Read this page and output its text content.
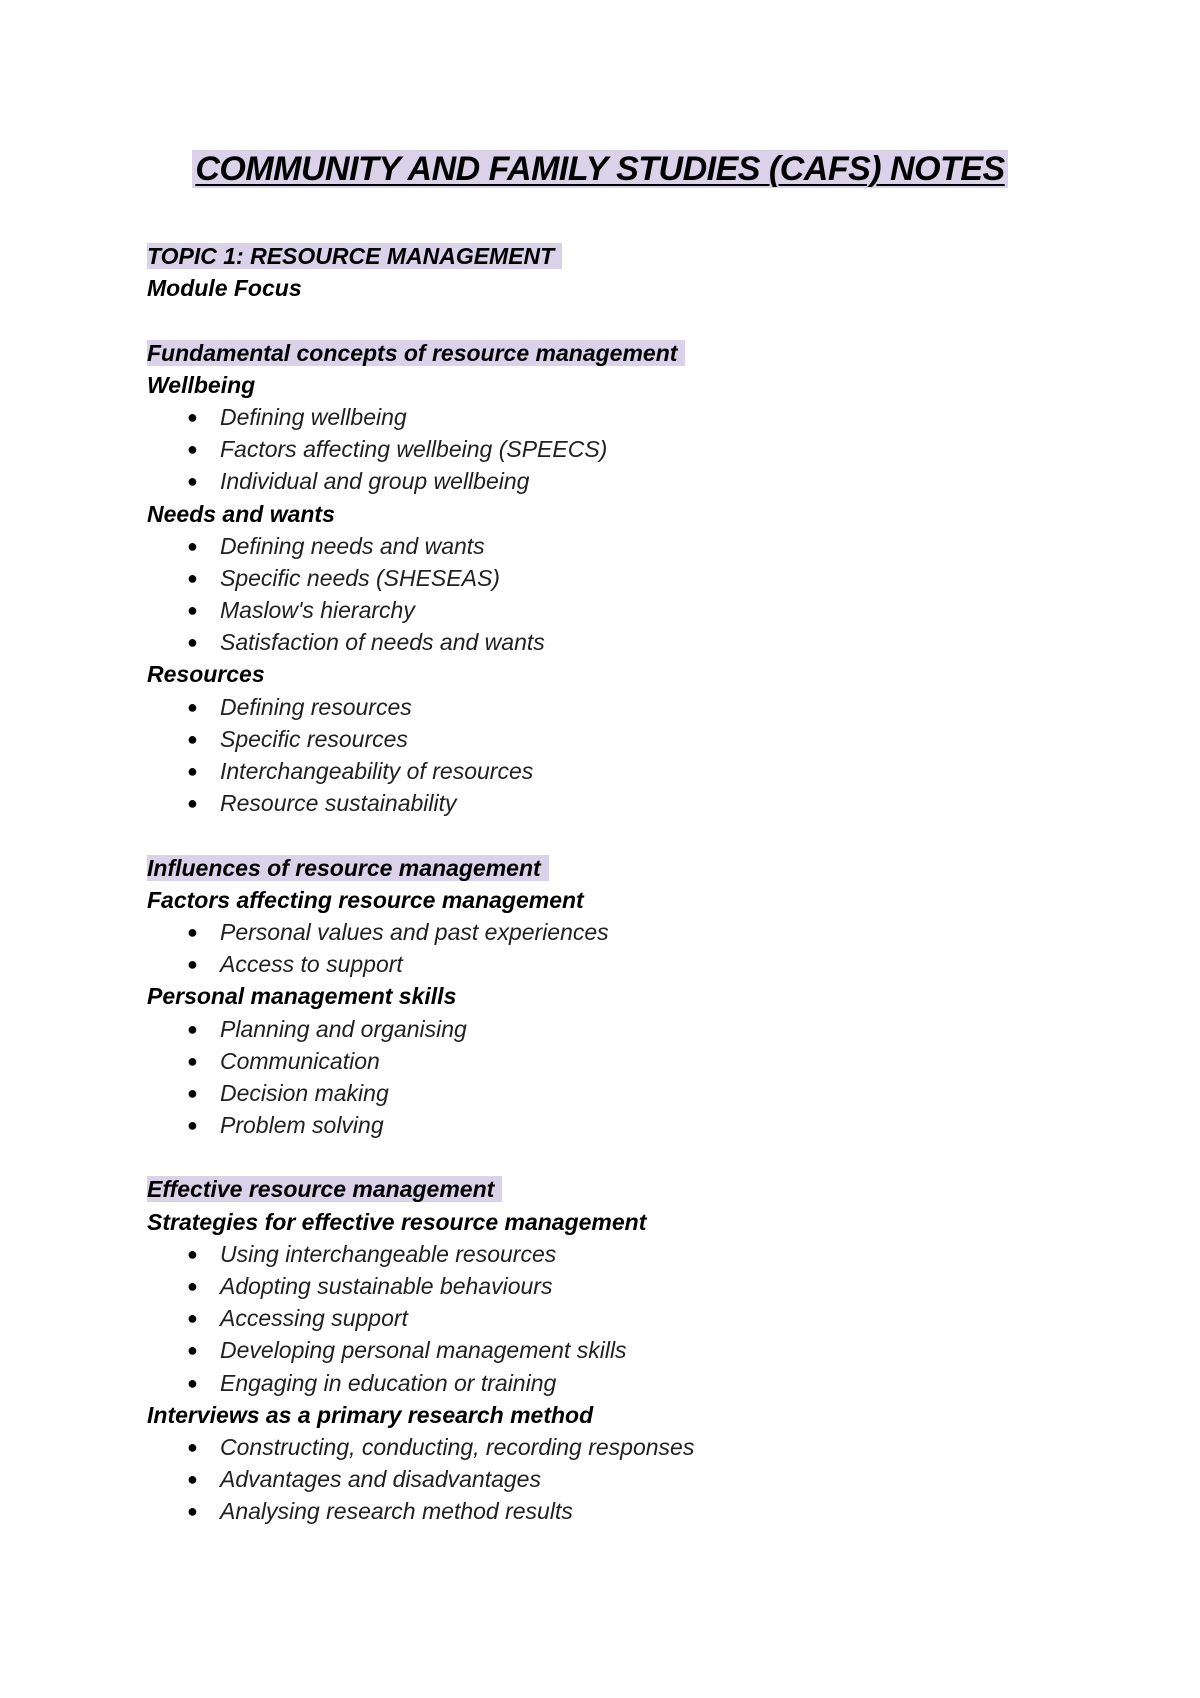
COMMUNITY AND FAMILY STUDIES (CAFS) NOTES
TOPIC 1: RESOURCE MANAGEMENT
Module Focus
Fundamental concepts of resource management
Wellbeing
● Defining wellbeing
● Factors affecting wellbeing (SPEECS)
● Individual and group wellbeing
Needs and wants
● Defining needs and wants
● Specific needs (SHESEAS)
● Maslow's hierarchy
● Satisfaction of needs and wants
Resources
● Defining resources
● Specific resources
● Interchangeability of resources
● Resource sustainability
Influences of resource management
Factors affecting resource management
● Personal values and past experiences
● Access to support
Personal management skills
● Planning and organising
● Communication
● Decision making
● Problem solving
Effective resource management
Strategies for effective resource management
● Using interchangeable resources
● Adopting sustainable behaviours
● Accessing support
● Developing personal management skills
● Engaging in education or training
Interviews as a primary research method
● Constructing, conducting, recording responses
● Advantages and disadvantages
● Analysing research method results
